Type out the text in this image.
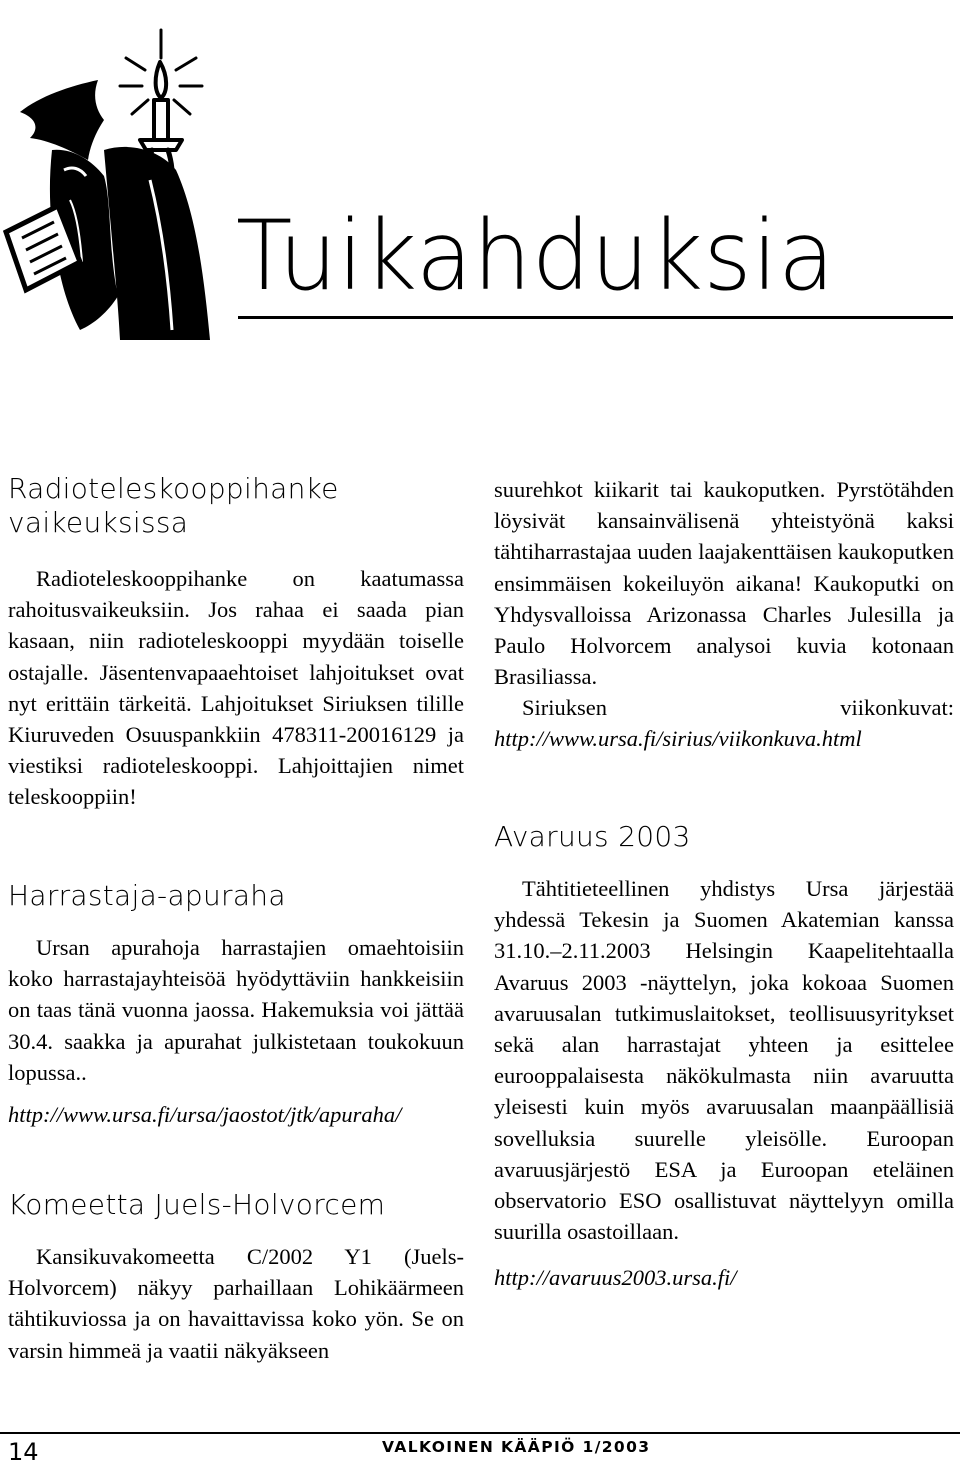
Tuikahduksia
Radioteleskooppihanke vaikeuksissa

Radioteleskooppihanke on kaatumassa rahoitusvaikeuksiin. Jos rahaa ei saada pian kasaan, niin radioteleskooppi myydään toiselle ostajalle. Jäsentenvapaaehtoiset lahjoitukset ovat nyt erittäin tärkeitä. Lahjoitukset Siriuksen tilille Kiuruveden Osuuspankkiin 478311-20016129 ja viestiksi radioteleskooppi. Lahjoittajien nimet teleskooppiin!

Harrastaja-apuraha

Ursan apurahoja harrastajien omaehtoisiin koko harrastajayhteisöä hyödyttäviin hankkeisiin on taas tänä vuonna jaossa. Hakemuksia voi jättää 30.4. saakka ja apurahat julkistetaan toukokuun lopussa..

http://www.ursa.fi/ursa/jaostot/jtk/apuraha/

Komeetta Juels-Holvorcem

Kansikuvakomeetta C/2002 Y1 (Juels-Holvorcem) näkyy parhaillaan Lohikäärmeen tähtikuviossa ja on havaittavissa koko yön. Se on varsin himmeä ja vaatii näkyäkseen

suurehkot kiikarit tai kaukoputken. Pyrstötähden löysivät kansainvälisenä yhteistyönä kaksi tähtiharrastajaa uuden laajakenttäisen kaukoputken ensimmäisen kokeiluyön aikana! Kaukoputki on Yhdysvalloissa Arizonassa Charles Julesilla ja Paulo Holvorcem analysoi kuvia kotonaan Brasiliassa.

Siriuksen viikonkuvat: http://www.ursa.fi/sirius/viikonkuva.html

Avaruus 2003

Tähtitieteellinen yhdistys Ursa järjestää yhdessä Tekesin ja Suomen Akatemian kanssa 31.10.–2.11.2003 Helsingin Kaapelitehtaalla Avaruus 2003 -näyttelyn, joka kokoaa Suomen avaruusalan tutkimuslaitokset, teollisuusyritykset sekä alan harrastajat yhteen ja esittelee eurooppalaisesta näkökulmasta niin avaruutta yleisesti kuin myös avaruusalan maanpäällisiä sovelluksia suurelle yleisölle. Euroopan avaruusjärjestö ESA ja Euroopan eteläinen observatorio ESO osallistuvat näyttelyyn omilla suurilla osastoillaan.

http://avaruus2003.ursa.fi/

14	VALKOINEN KÄÄPIÖ 1/2003
